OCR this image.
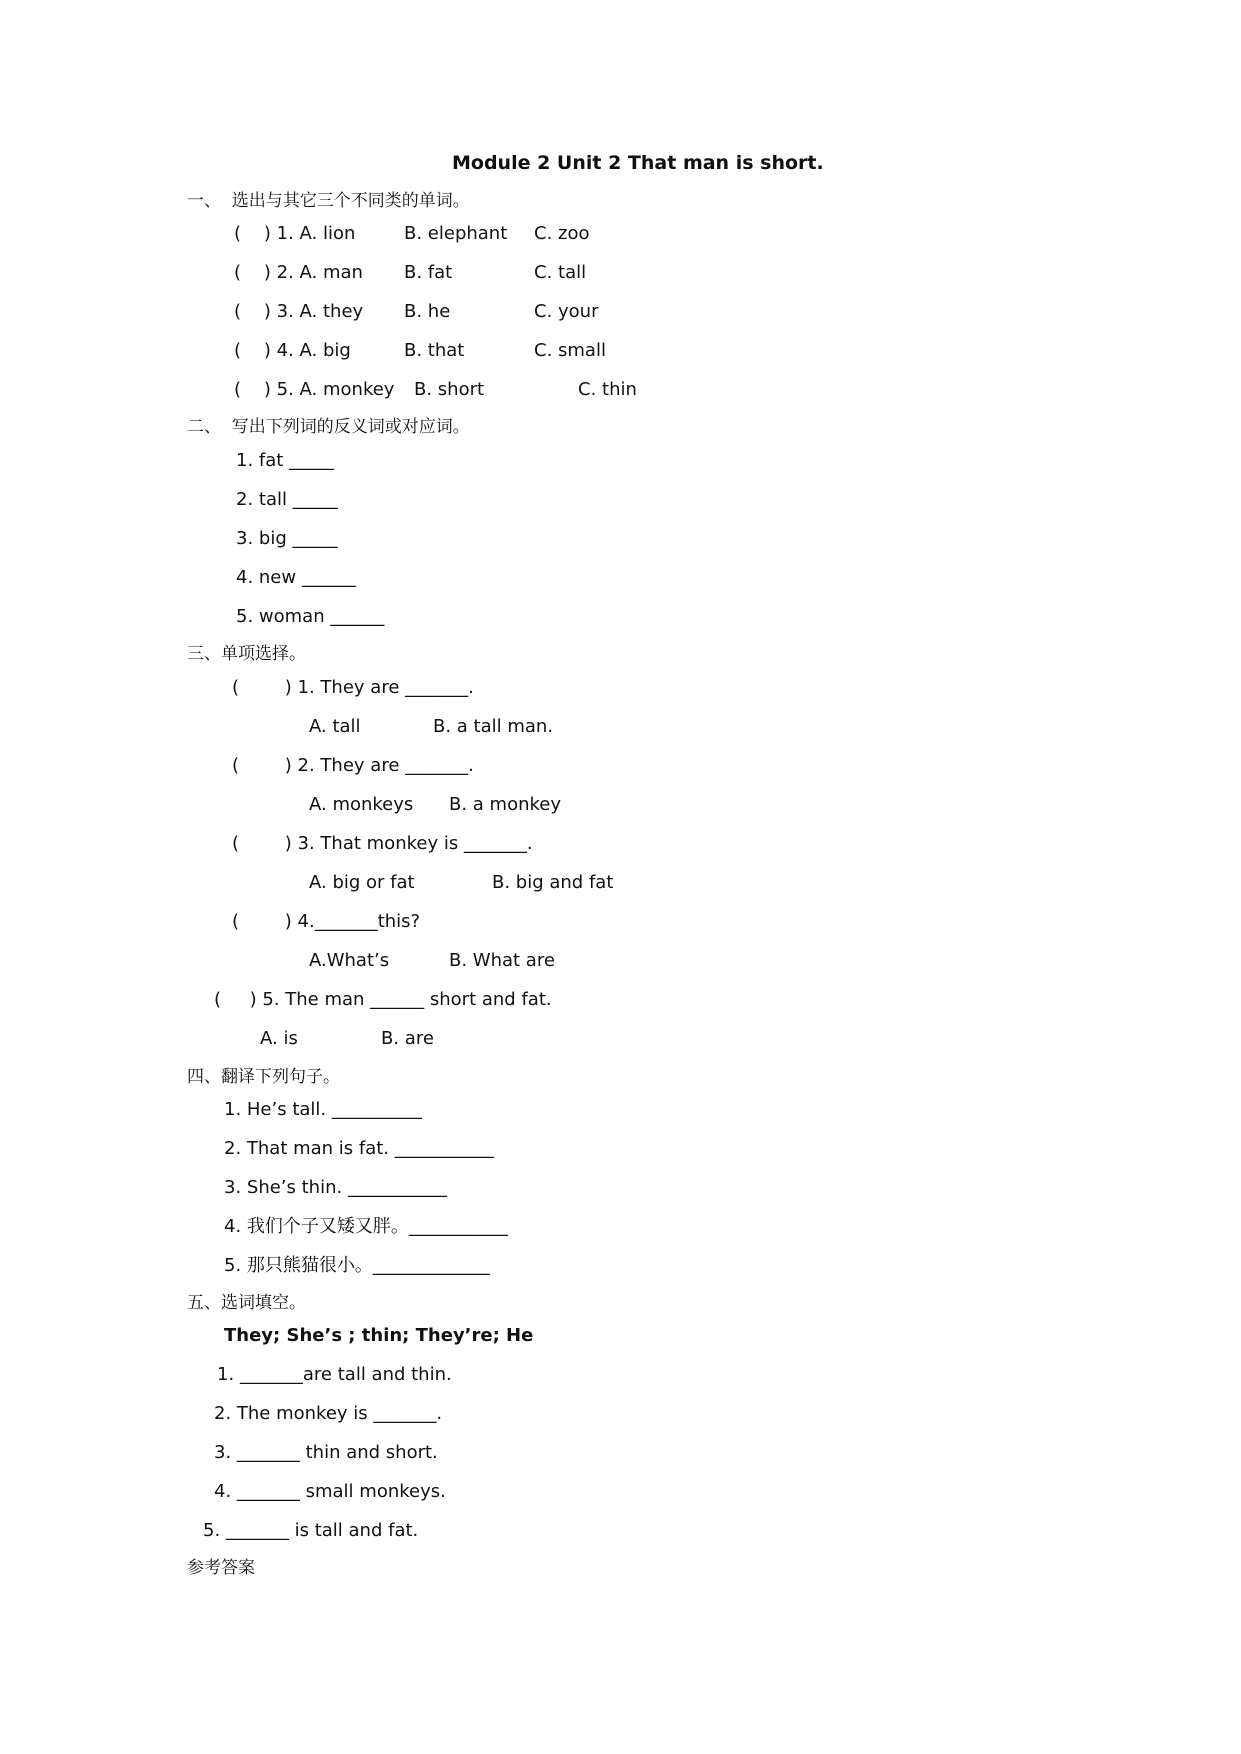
Module 2 Unit 2 That man is short.
一、  选出与其它三个不同类的单词。
(    ) 1. A. lion	B. elephant C. zoo
(    ) 2. A. man B. fat	C. tall
(    ) 3. A. they B. he	C. your
(    ) 4. A. big	B. that	C. small
(    ) 5. A. monkey B. short	C. thin
二、  写出下列词的反义词或对应词。
1. fat _____
2. tall _____
3. big _____
4. new ______
5. woman ______
三、单项选择。
(        ) 1. They are _______.
A. tall	B. a tall man.
(        ) 2. They are _______.
A. monkeys B. a monkey
(        ) 3. That monkey is _______.
A. big or fat	B. big and fat
(        ) 4._______this?
A.What’s	B. What are
(     ) 5. The man ______ short and fat.
A. is	B. are
四、翻译下列句子。
1. He’s tall. __________
2. That man is fat. ___________
3. She’s thin. ___________
4. 我们个子又矮又胖。___________
5. 那只熊猫很小。_____________
五、选词填空。
They; She’s ; thin; They’re; He
1. _______are tall and thin.
2. The monkey is _______.
3. _______ thin and short.
4. _______ small monkeys.
5. _______ is tall and fat.
参考答案
